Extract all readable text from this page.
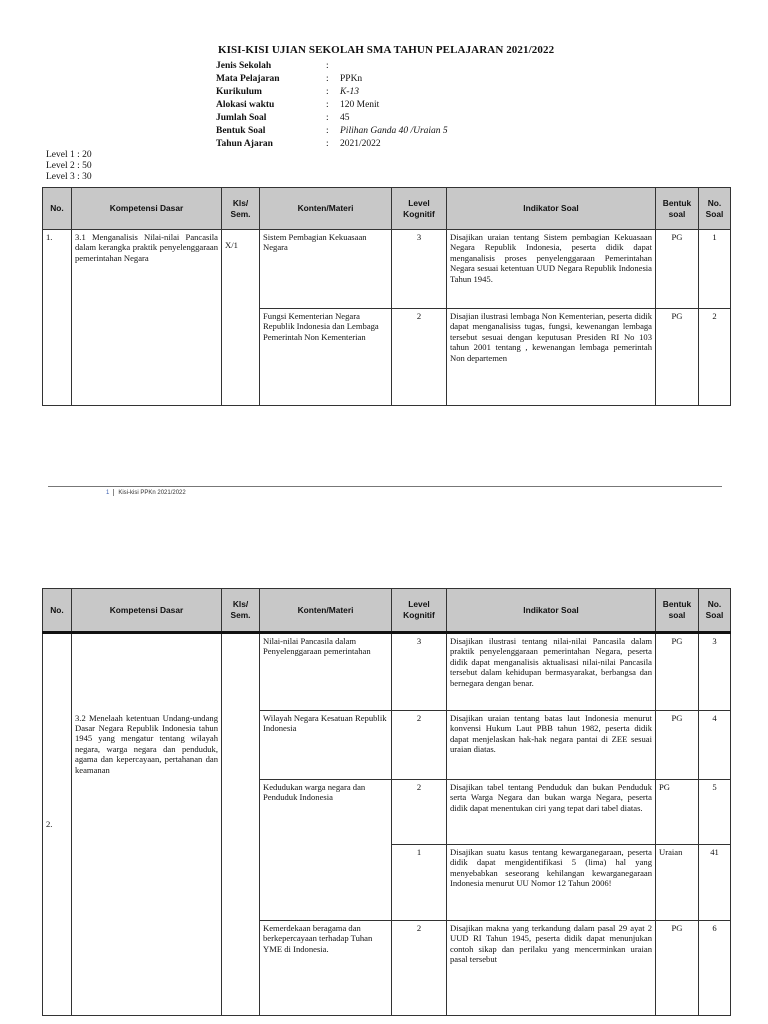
KISI-KISI UJIAN SEKOLAH SMA TAHUN PELAJARAN 2021/2022
Jenis Sekolah	:
Mata Pelajaran	:	PPKn
Kurikulum	:	K-13
Alokasi waktu	:	120 Menit
Jumlah Soal	:	45
Bentuk Soal	:	Pilihan Ganda 40 /Uraian 5
Tahun Ajaran	:	2021/2022
Level 1 : 20
Level 2 : 50
Level 3 : 30
No.	Kompetensi Dasar	Kls/ Sem.	Konten/Materi	Level Kognitif	Indikator Soal	Bentuk soal	No. Soal
1.	3.1 Menganalisis Nilai-nilai Pancasila dalam kerangka praktik penyelenggaraan pemerintahan Negara	X/1	Sistem Pembagian Kekuasaan Negara	3	Disajikan uraian tentang Sistem pembagian Kekuasaan Negara Republik Indonesia, peserta didik dapat menganalisis proses penyelenggaraan Pemerintahan Negara sesuai ketentuan UUD Negara Republik Indonesia Tahun 1945.	PG	1
			Fungsi Kementerian Negara Republik Indonesia dan Lembaga Pemerintah Non Kementerian	2	Disajian ilustrasi lembaga Non Kementerian, peserta didik dapat menganalisiss tugas, fungsi, kewenangan lembaga tersebut sesuai dengan keputusan Presiden RI No 103 tahun 2001 tentang , kewenangan lembaga pemerintah Non departemen	PG	2
1 Kisi-kisi PPKn 2021/2022
No.	Kompetensi Dasar	Kls/ Sem.	Konten/Materi	Level Kognitif	Indikator Soal	Bentuk soal	No. Soal
2.			Nilai-nilai Pancasila dalam Penyelenggaraan pemerintahan	3	Disajikan ilustrasi tentang nilai-nilai Pancasila dalam praktik penyelenggaraan pemerintahan Negara, peserta didik dapat menganalisis aktualisasi nilai-nilai Pancasila tersebut dalam kehidupan bermasyarakat, berbangsa dan bernegara dengan benar.	PG	3

	3.2 Menelaah ketentuan Undang-undang Dasar Negara Republik Indonesia tahun 1945 yang mengatur tentang wilayah negara, warga negara dan penduduk, agama dan kepercayaan, pertahanan dan keamanan		Wilayah Negara Kesatuan Republik Indonesia	2	Disajikan uraian tentang batas laut Indonesia menurut konvensi Hukum Laut PBB tahun 1982, peserta didik dapat menjelaskan hak-hak negara pantai di ZEE sesuai uraian diatas.	PG	4
			Kedudukan warga negara dan Penduduk Indonesia	2	Disajikan tabel tentang Penduduk dan bukan Penduduk serta Warga Negara dan bukan warga Negara, peserta didik dapat menentukan ciri yang tepat dari tabel diatas.	PG	5
				1	Disajikan suatu kasus tentang kewarganegaraan, peserta didik dapat mengidentifikasi 5 (lima) hal yang menyebabkan seseorang kehilangan kewarganegaraan Indonesia menurut UU Nomor 12 Tahun 2006!	Uraian	41
			Kemerdekaan beragama dan berkepercayaan terhadap Tuhan YME di Indonesia.	2	Disajikan makna yang terkandung dalam pasal 29 ayat 2 UUD RI Tahun 1945, peserta didik dapat menunjukan contoh sikap dan perilaku yang mencerminkan uraian pasal tersebut	PG	6
